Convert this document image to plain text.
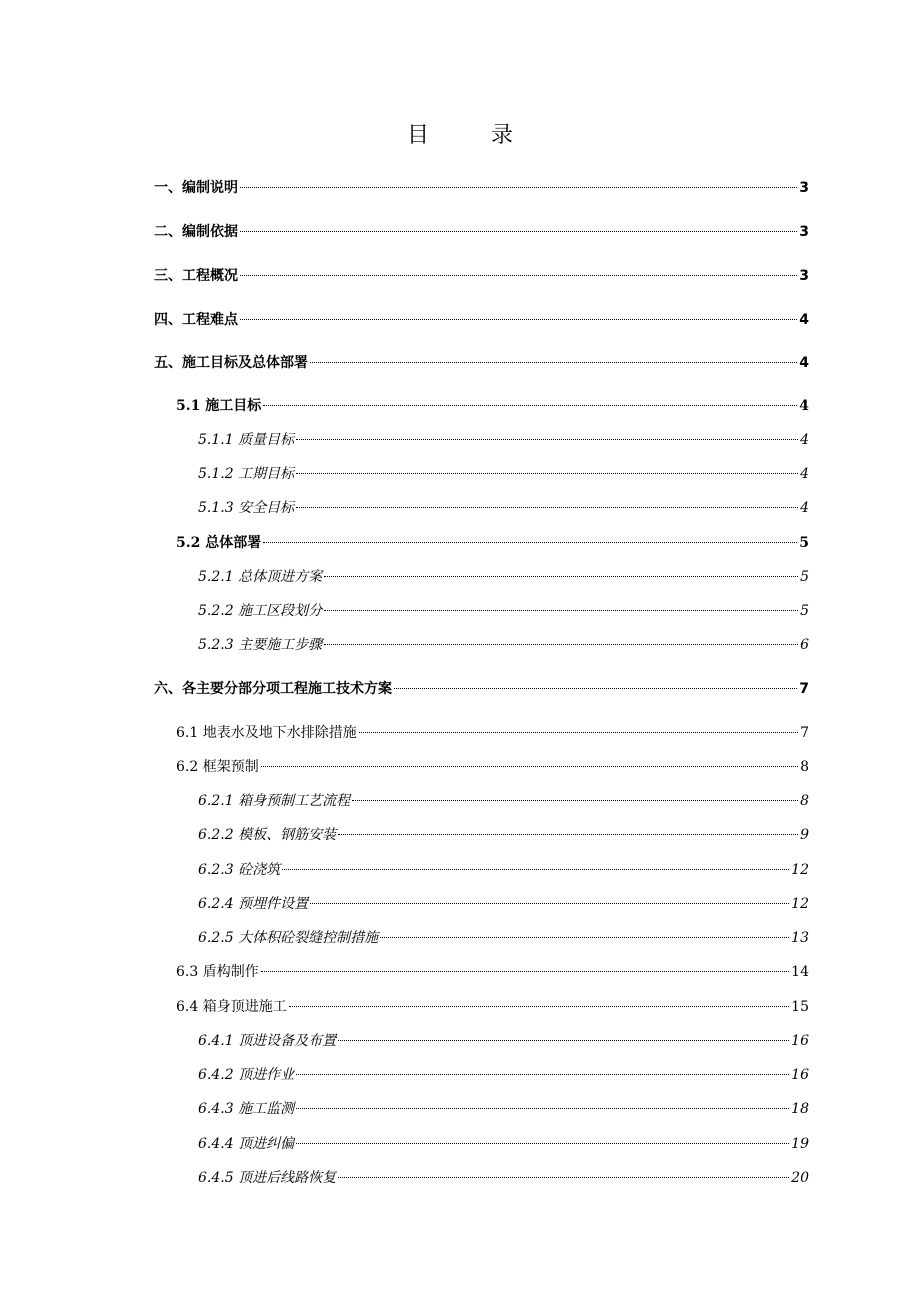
目　录
一、编制说明	3
二、编制依据	3
三、工程概况	3
四、工程难点	4
五、施工目标及总体部署	4
5.1 施工目标	4
5.1.1 质量目标	4
5.1.2 工期目标	4
5.1.3 安全目标	4
5.2 总体部署	5
5.2.1 总体顶进方案	5
5.2.2 施工区段划分	5
5.2.3 主要施工步骤	6
六、各主要分部分项工程施工技术方案	7
6.1 地表水及地下水排除措施	7
6.2 框架预制	8
6.2.1 箱身预制工艺流程	8
6.2.2 模板、钢筋安装	9
6.2.3 砼浇筑	12
6.2.4 预埋件设置	12
6.2.5 大体积砼裂缝控制措施	13
6.3 盾构制作	14
6.4 箱身顶进施工	15
6.4.1 顶进设备及布置	16
6.4.2 顶进作业	16
6.4.3 施工监测	18
6.4.4 顶进纠偏	19
6.4.5 顶进后线路恢复	20
